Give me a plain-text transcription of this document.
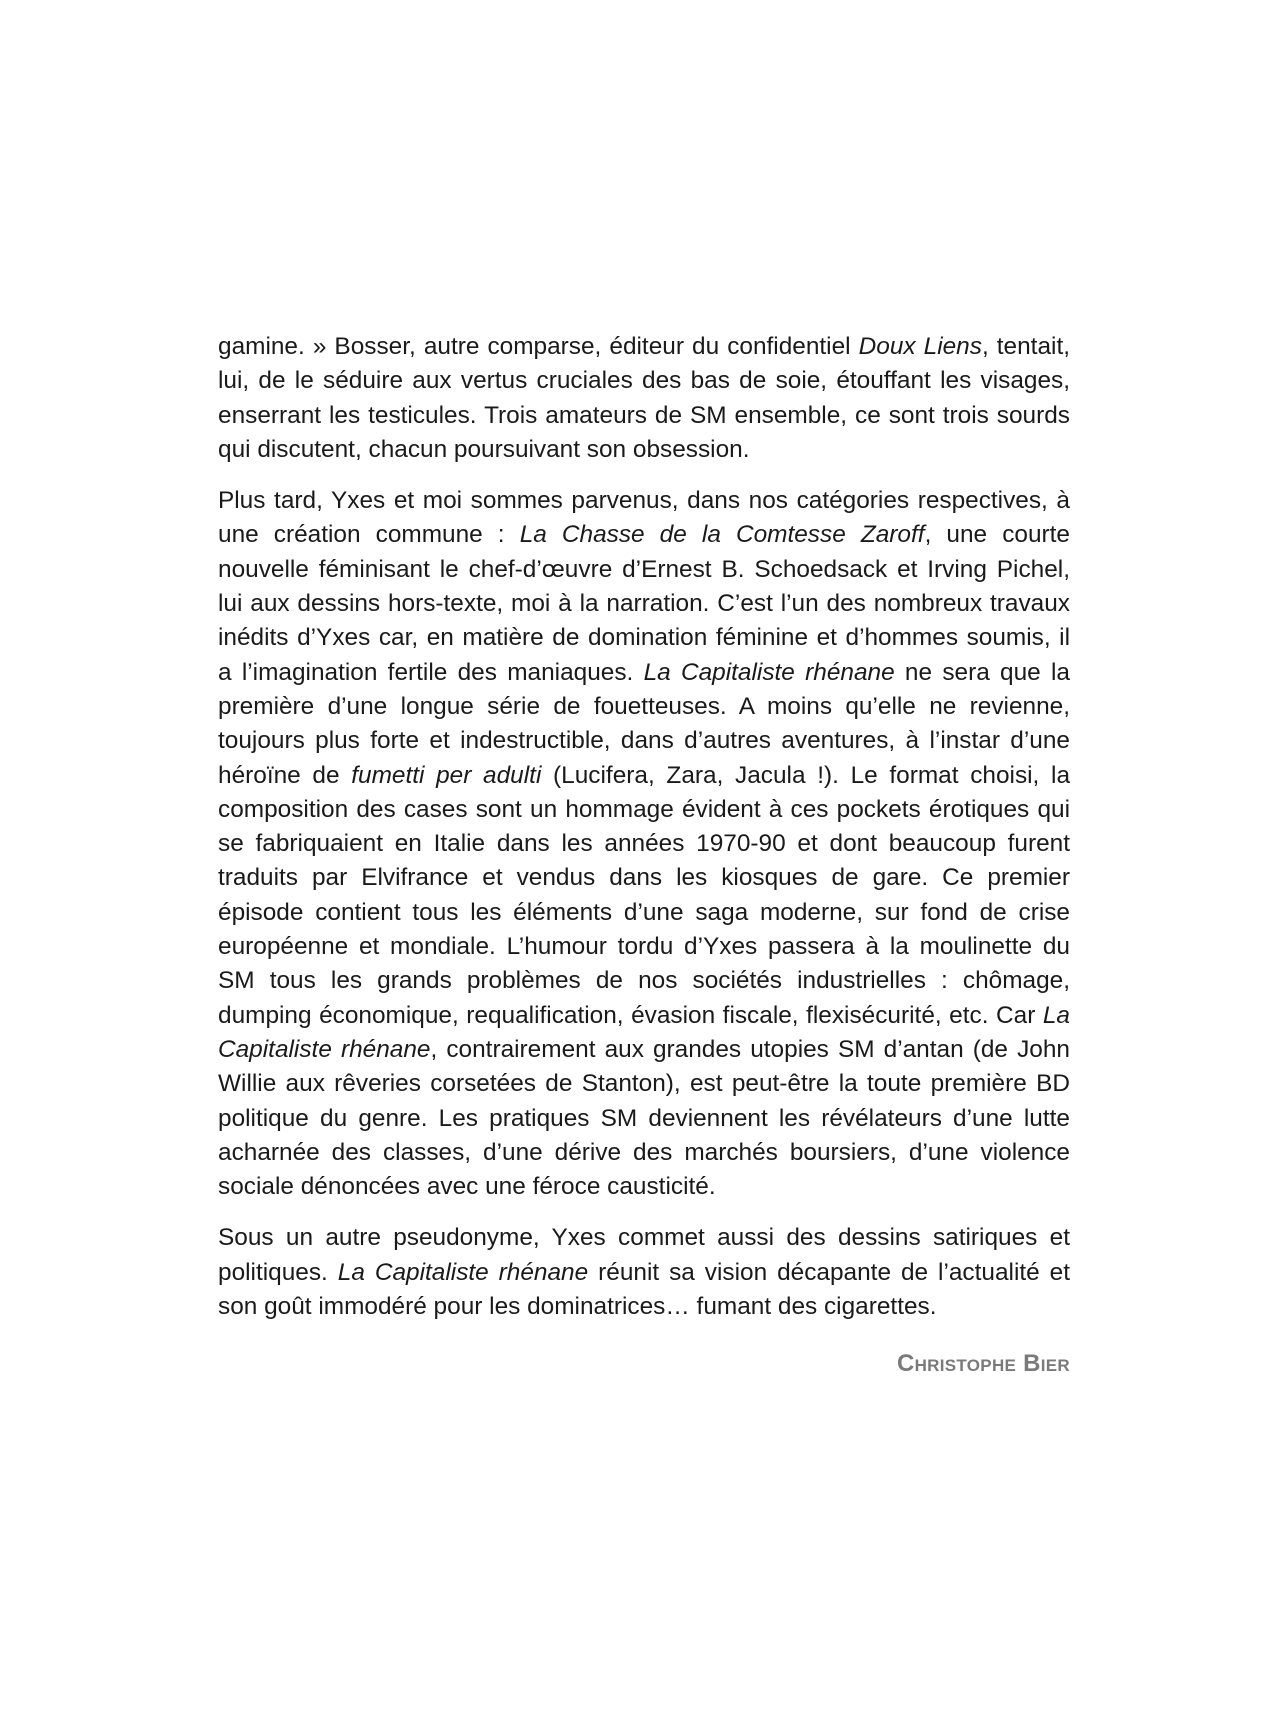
gamine. » Bosser, autre comparse, éditeur du confidentiel Doux Liens, tentait, lui, de le séduire aux vertus cruciales des bas de soie, étouffant les visages, enserrant les testicules. Trois amateurs de SM ensemble, ce sont trois sourds qui discutent, chacun poursuivant son obsession.

Plus tard, Yxes et moi sommes parvenus, dans nos catégories respectives, à une création commune : La Chasse de la Comtesse Zaroff, une courte nouvelle féminisant le chef-d’œuvre d’Ernest B. Schoedsack et Irving Pichel, lui aux dessins hors-texte, moi à la narration. C’est l’un des nombreux travaux inédits d’Yxes car, en matière de domination féminine et d’hommes soumis, il a l’imagination fertile des maniaques. La Capitaliste rhénane ne sera que la première d’une longue série de fouetteuses. A moins qu’elle ne revienne, toujours plus forte et indestructible, dans d’autres aventures, à l’instar d’une héroïne de fumetti per adulti (Lucifera, Zara, Jacula !). Le format choisi, la composition des cases sont un hommage évident à ces pockets érotiques qui se fabriquaient en Italie dans les années 1970-90 et dont beaucoup furent traduits par Elvifrance et vendus dans les kiosques de gare. Ce premier épisode contient tous les éléments d’une saga moderne, sur fond de crise européenne et mondiale. L’humour tordu d’Yxes passera à la moulinette du SM tous les grands problèmes de nos sociétés industrielles : chômage, dumping économique, requalification, évasion fiscale, flexisécurité, etc. Car La Capitaliste rhénane, contrairement aux grandes utopies SM d’antan (de John Willie aux rêveries corsetées de Stanton), est peut-être la toute première BD politique du genre. Les pratiques SM deviennent les révélateurs d’une lutte acharnée des classes, d’une dérive des marchés boursiers, d’une violence sociale dénoncées avec une féroce causticité.

Sous un autre pseudonyme, Yxes commet aussi des dessins satiriques et politiques. La Capitaliste rhénane réunit sa vision décapante de l’actualité et son goût immodéré pour les dominatrices… fumant des cigarettes.

Christophe Bier
